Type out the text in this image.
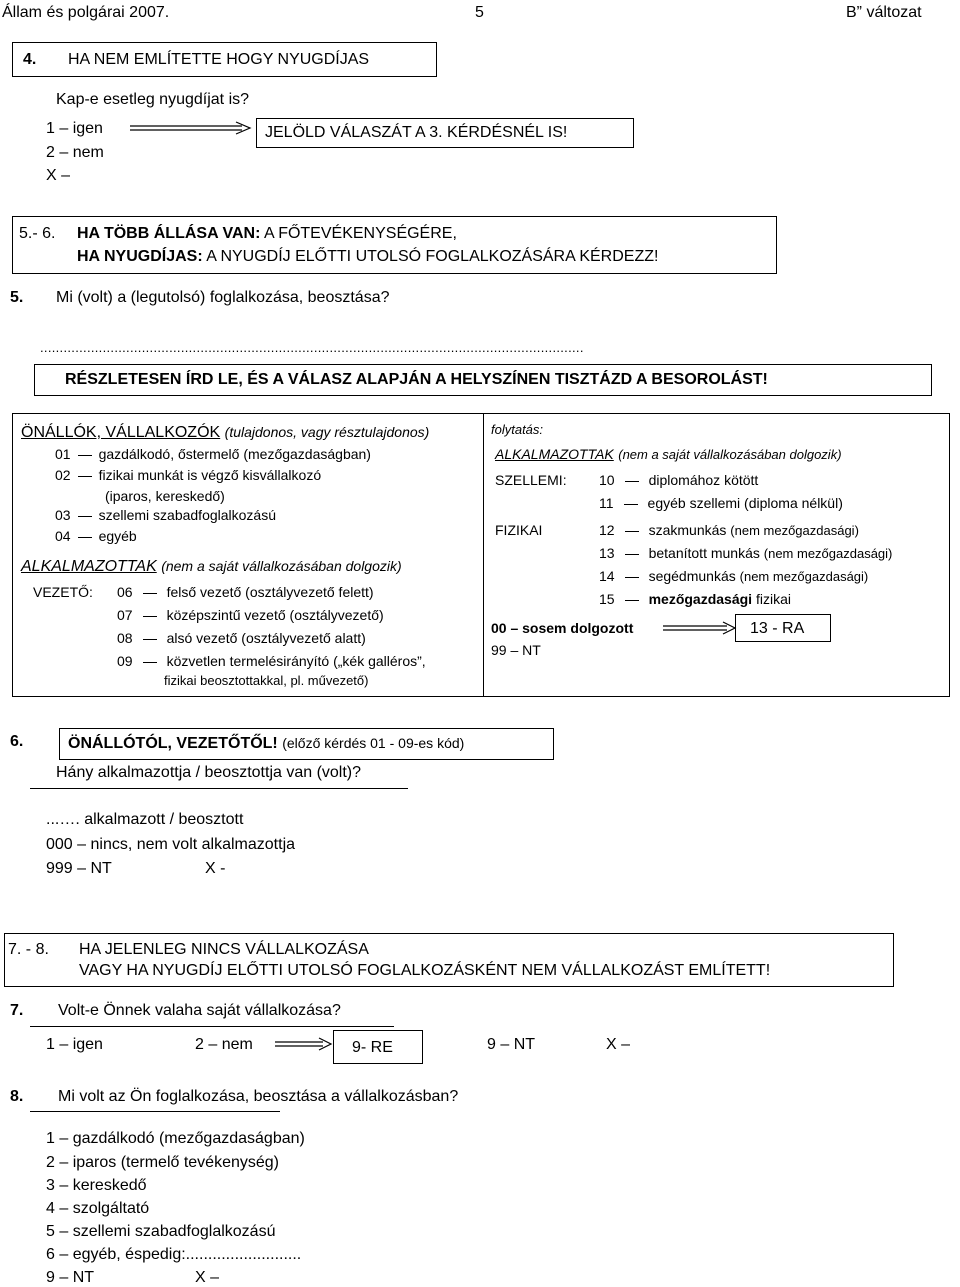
Állam és polgárai 2007.	5	B” változat
4. HA NEM EMLÍTETTE HOGY NYUGDÍJAS
Kap-e esetleg nyugdíjat is?
1 – igen
2 – nem
X –
JELÖLD VÁLASZÁT A 3. KÉRDÉSNÉL IS!
5.- 6. HA TÖBB ÁLLÁSA VAN: A FŐTEVÉKENYSÉGÉRE,
HA NYUGDÍJAS: A NYUGDÍJ ELŐTTI UTOLSÓ FOGLALKOZÁSÁRA KÉRDEZZ!
5. Mi (volt) a (legutolsó) foglalkozása, beosztása?
...........................................................................................................................................
RÉSZLETESEN ÍRD LE, ÉS A VÁLASZ ALAPJÁN A HELYSZÍNEN TISZTÁZD A BESOROLÁST!
ÖNÁLLÓK, VÁLLALKOZÓK (tulajdonos, vagy résztulajdonos)
01 gazdálkodó, őstermelő (mezőgazdaságban)
02 fizikai munkát is végző kisvállalkozó
(iparos, kereskedő)
03 szellemi szabadfoglalkozású
04 egyéb
ALKALMAZOTTAK (nem a saját vállalkozásában dolgozik)
VEZETŐ: 06 felső vezető (osztályvezető felett)
07 középszintű vezető (osztályvezető)
08 alsó vezető (osztályvezető alatt)
09 közvetlen termelésirányító („kék galléros”,
fizikai beosztottakkal, pl. művezető)
folytatás:
ALKALMAZOTTAK (nem a saját vállalkozásában dolgozik)
SZELLEMI: 10 diplomához kötött
11 egyéb szellemi (diploma nélkül)
FIZIKAI	12 szakmunkás (nem mezőgazdasági)
13 betanított munkás (nem mezőgazdasági)
14 segédmunkás (nem mezőgazdasági)
15 mezőgazdasági fizikai
00 – sosem dolgozott
99 – NT
13 - RA
6.	ÖNÁLLÓTÓL, VEZETŐTŐL! (előző kérdés 01 - 09-es kód)
Hány alkalmazottja / beosztottja van (volt)?
...…. alkalmazott / beosztott
000 – nincs, nem volt alkalmazottja
999 – NT	X -
7. - 8. HA JELENLEG NINCS VÁLLALKOZÁSA
VAGY HA NYUGDÍJ ELŐTTI UTOLSÓ FOGLALKOZÁSKÉNT NEM VÁLLALKOZÁST EMLÍTETT!
7. Volt-e Önnek valaha saját vállalkozása?
1 – igen	2 – nem	9- RE	9 – NT	X –
8. Mi volt az Ön foglalkozása, beosztása a vállalkozásban?
1 – gazdálkodó (mezőgazdaságban)
2 – iparos (termelő tevékenység)
3 – kereskedő
4 – szolgáltató
5 – szellemi szabadfoglalkozású
6 – egyéb, éspedig:..........................
9 – NT	X –
